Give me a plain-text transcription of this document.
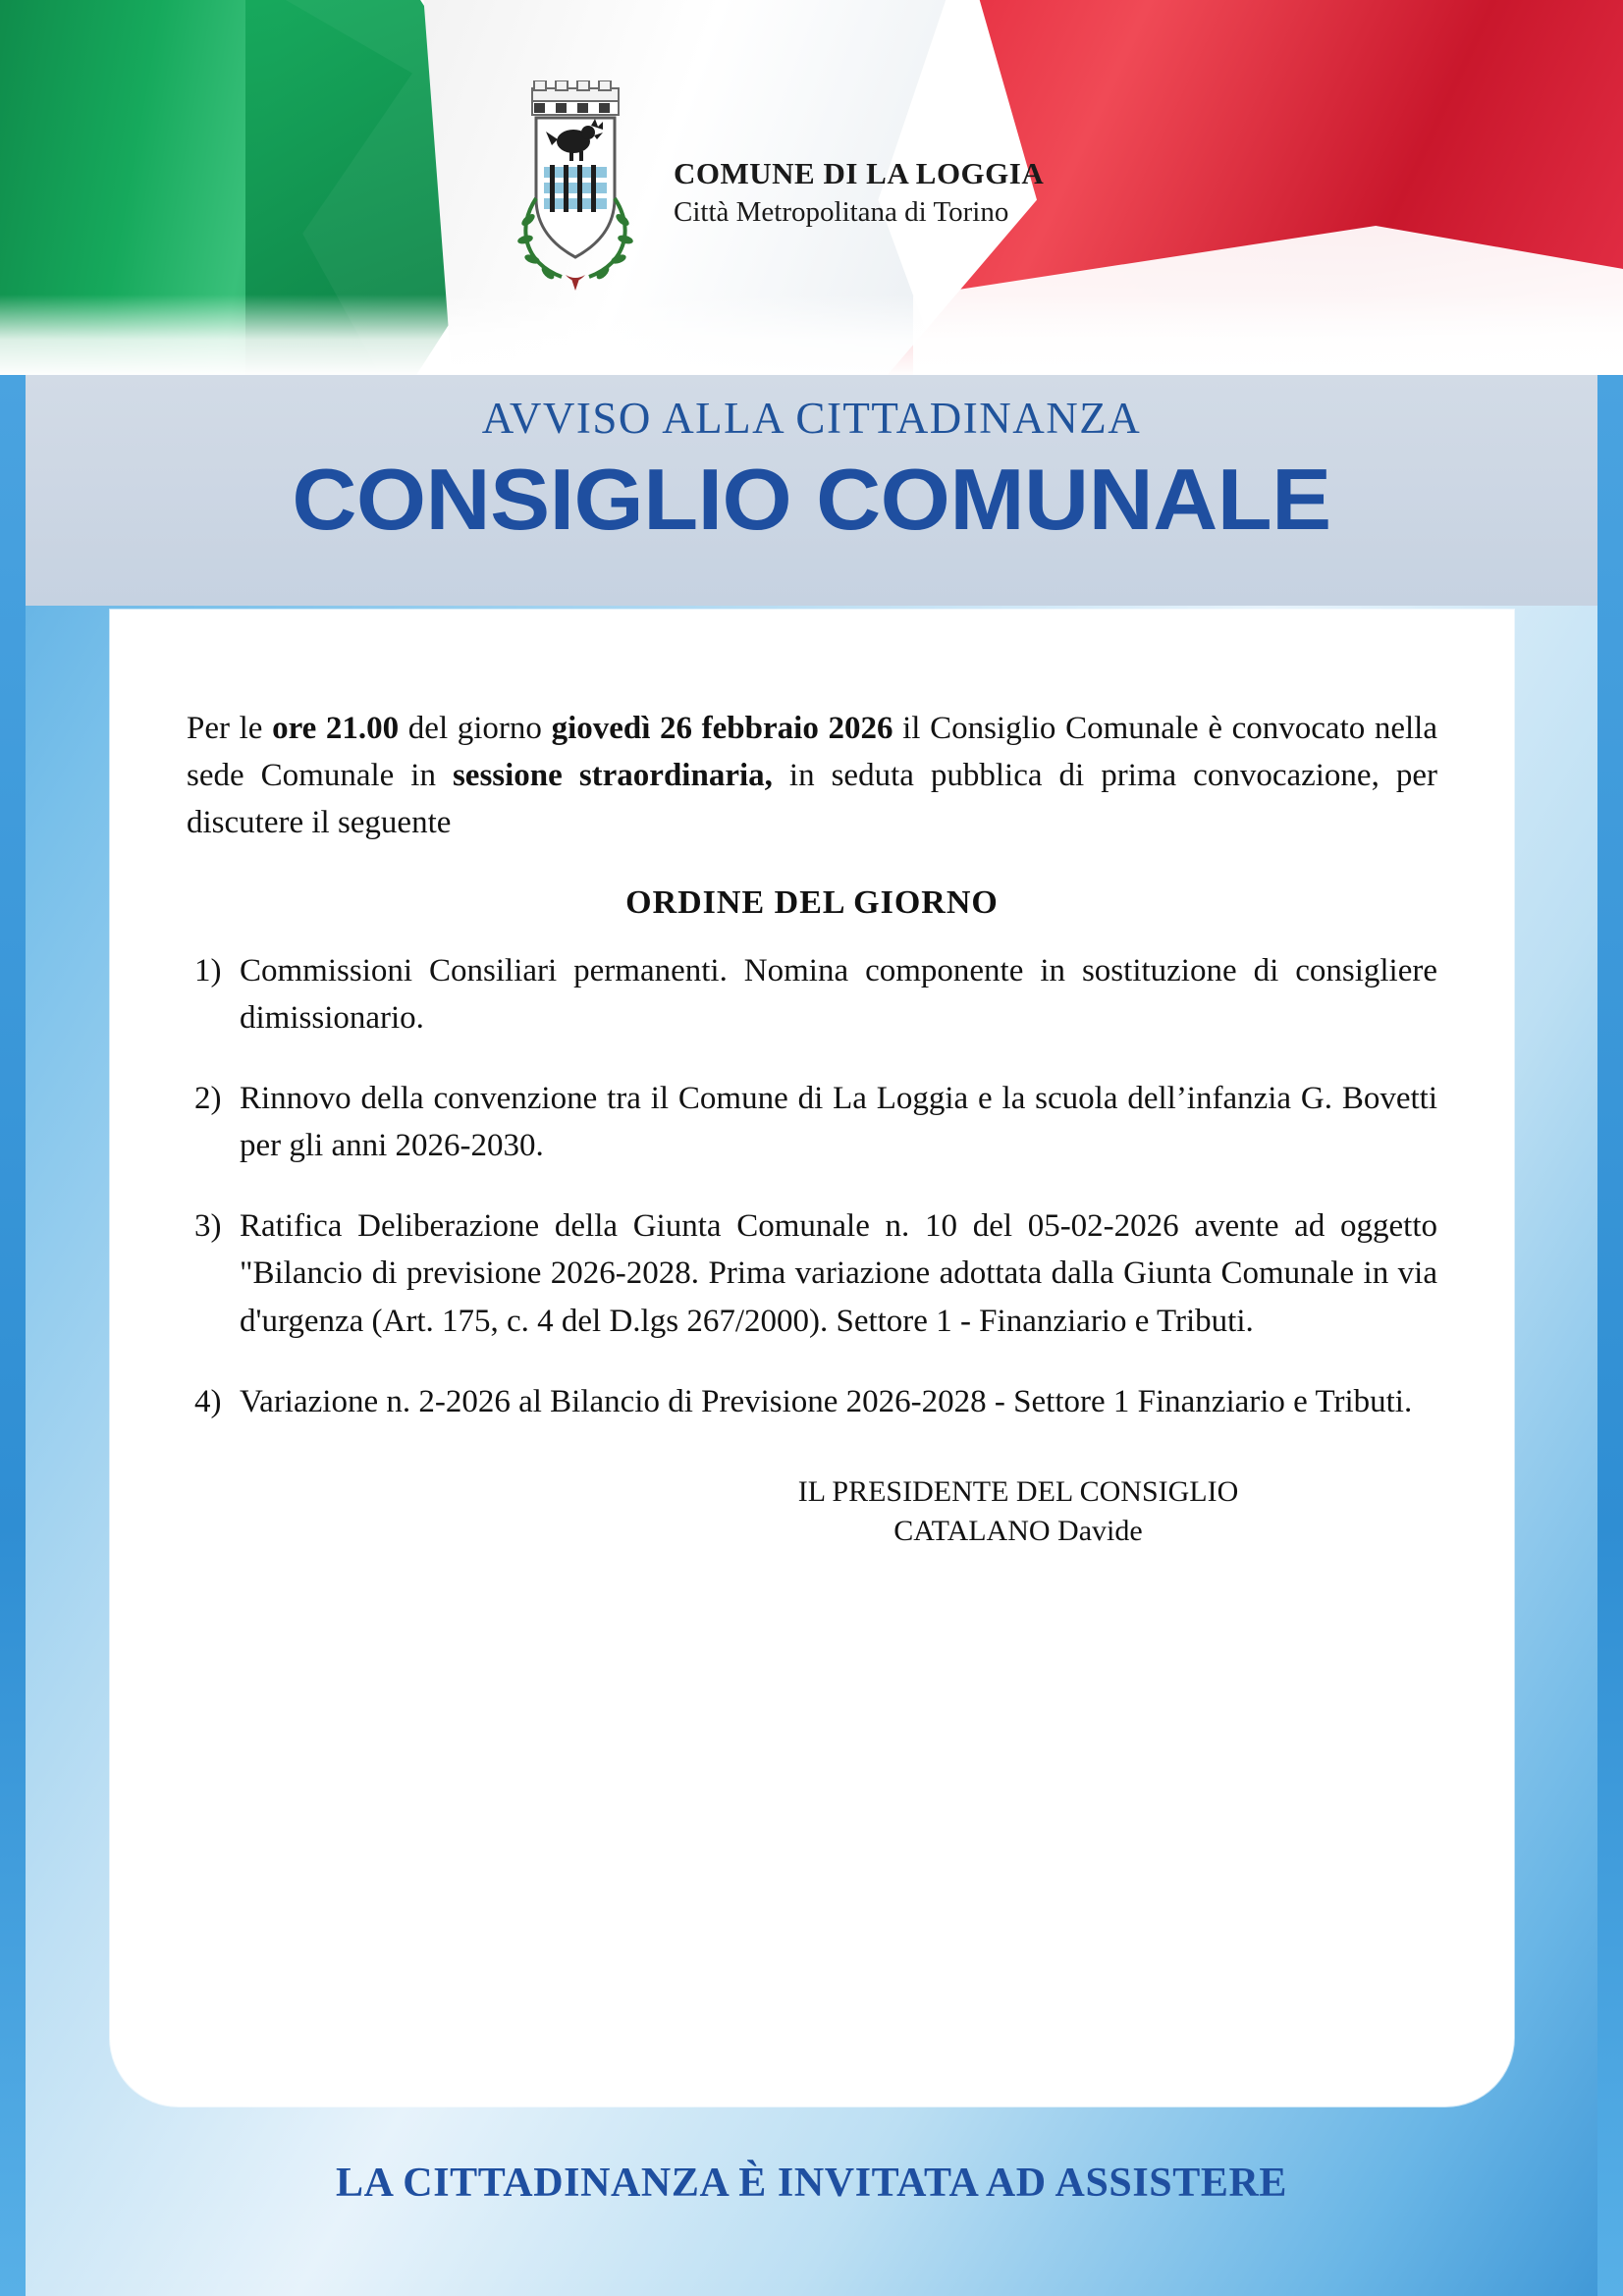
COMUNE DI LA LOGGIA
Città Metropolitana di Torino
AVVISO ALLA CITTADINANZA
CONSIGLIO COMUNALE

Per le ore 21.00 del giorno giovedì 26 febbraio 2026 il Consiglio Comunale è convocato nella sede Comunale in sessione straordinaria, in seduta pubblica di prima convocazione, per discutere il seguente

ORDINE DEL GIORNO
1) Commissioni Consiliari permanenti. Nomina componente in sostituzione di consigliere dimissionario.
2) Rinnovo della convenzione tra il Comune di La Loggia e la scuola dell’infanzia G. Bovetti per gli anni 2026-2030.
3) Ratifica Deliberazione della Giunta Comunale n. 10 del 05-02-2026 avente ad oggetto "Bilancio di previsione 2026-2028. Prima variazione adottata dalla Giunta Comunale in via d'urgenza (Art. 175, c. 4 del D.lgs 267/2000). Settore 1 - Finanziario e Tributi.
4) Variazione n. 2-2026 al Bilancio di Previsione 2026-2028 - Settore 1 Finanziario e Tributi.
IL PRESIDENTE DEL CONSIGLIO
CATALANO Davide
LA CITTADINANZA È INVITATA AD ASSISTERE
